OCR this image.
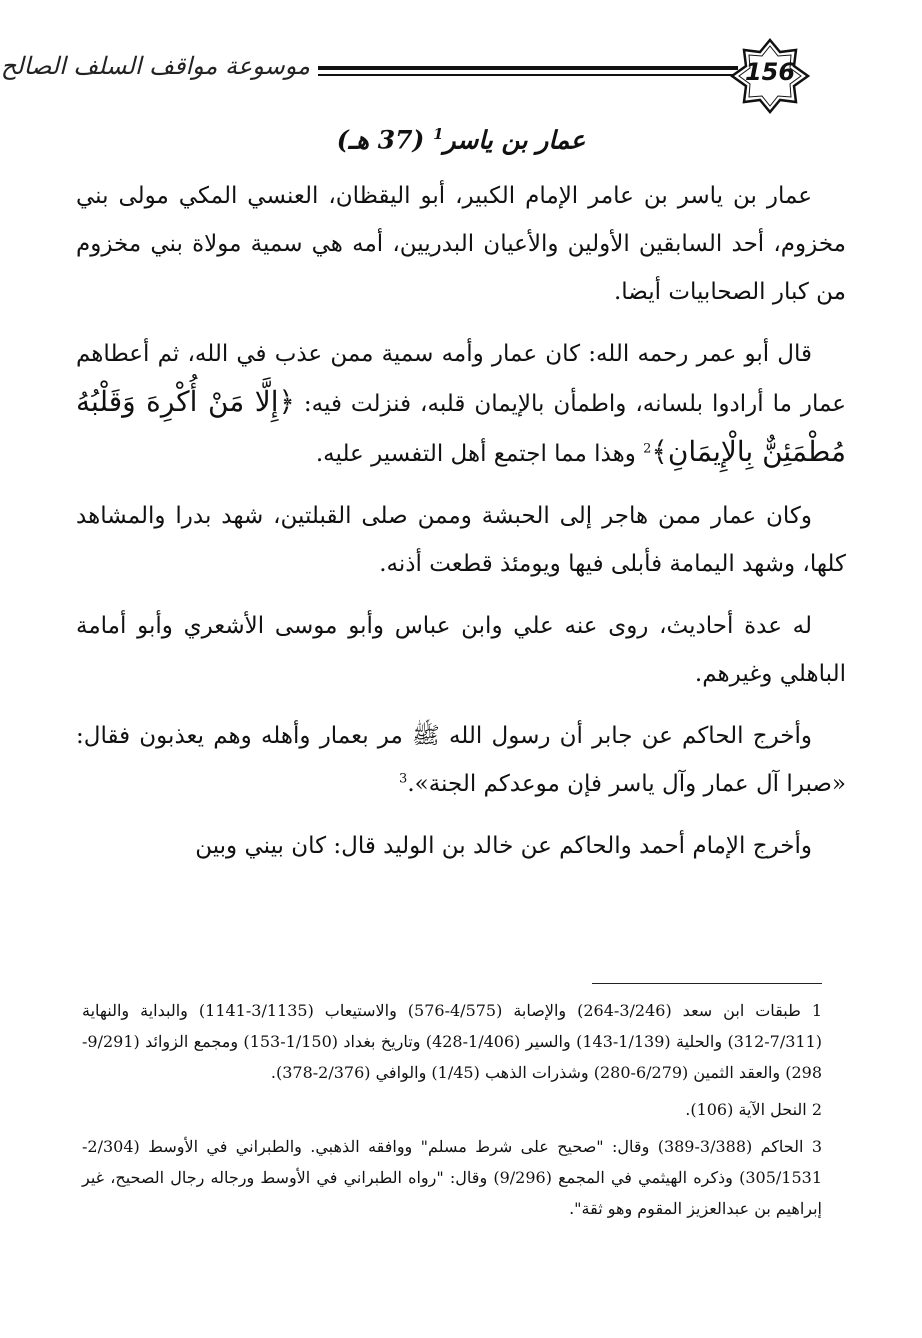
موسوعة مواقف السلف الصالح	156
عمار بن ياسر$^1$ (37 هـ)

عمار بن ياسر بن عامر الإمام الكبير، أبو اليقظان، العنسي المكي مولى بني مخزوم، أحد السابقين الأولين والأعيان البدريين، أمه هي سمية مولاة بني مخزوم من كبار الصحابيات أيضا.

قال أبو عمر رحمه الله: كان عمار وأمه سمية ممن عذب في الله، ثم أعطاهم عمار ما أرادوا بلسانه، واطمأن بالإيمان قلبه، فنزلت فيه: ﴿إِلَّا مَنْ أُكْرِهَ وَقَلْبُهُ مُطْمَئِنٌّ بِالْإِيمَانِ﴾$^2$ وهذا مما اجتمع أهل التفسير عليه.

وكان عمار ممن هاجر إلى الحبشة وممن صلى القبلتين، شهد بدرا والمشاهد كلها، وشهد اليمامة فأبلى فيها ويومئذ قطعت أذنه.

له عدة أحاديث، روى عنه علي وابن عباس وأبو موسى الأشعري وأبو أمامة الباهلي وغيرهم.

وأخرج الحاكم عن جابر أن رسول الله ﷺ مر بعمار وأهله وهم يعذبون فقال: «صبرا آل عمار وآل ياسر فإن موعدكم الجنة».$^3$

وأخرج الإمام أحمد والحاكم عن خالد بن الوليد قال: كان بيني وبين

1 طبقات ابن سعد (3/246-264) والإصابة (4/575-576) والاستيعاب (3/1135-1141) والبداية والنهاية (7/311-312) والحلية (1/139-143) والسير (1/406-428) وتاريخ بغداد (1/150-153) ومجمع الزوائد (9/291-298) والعقد الثمين (6/279-280) وشذرات الذهب (1/45) والوافي (2/376-378).

2 النحل الآية (106).

3 الحاكم (3/388-389) وقال: "صحيح على شرط مسلم" ووافقه الذهبي. والطبراني في الأوسط (2/304-305/1531) وذكره الهيثمي في المجمع (9/296) وقال: "رواه الطبراني في الأوسط ورجاله رجال الصحيح، غير إبراهيم بن عبدالعزيز المقوم وهو ثقة".
